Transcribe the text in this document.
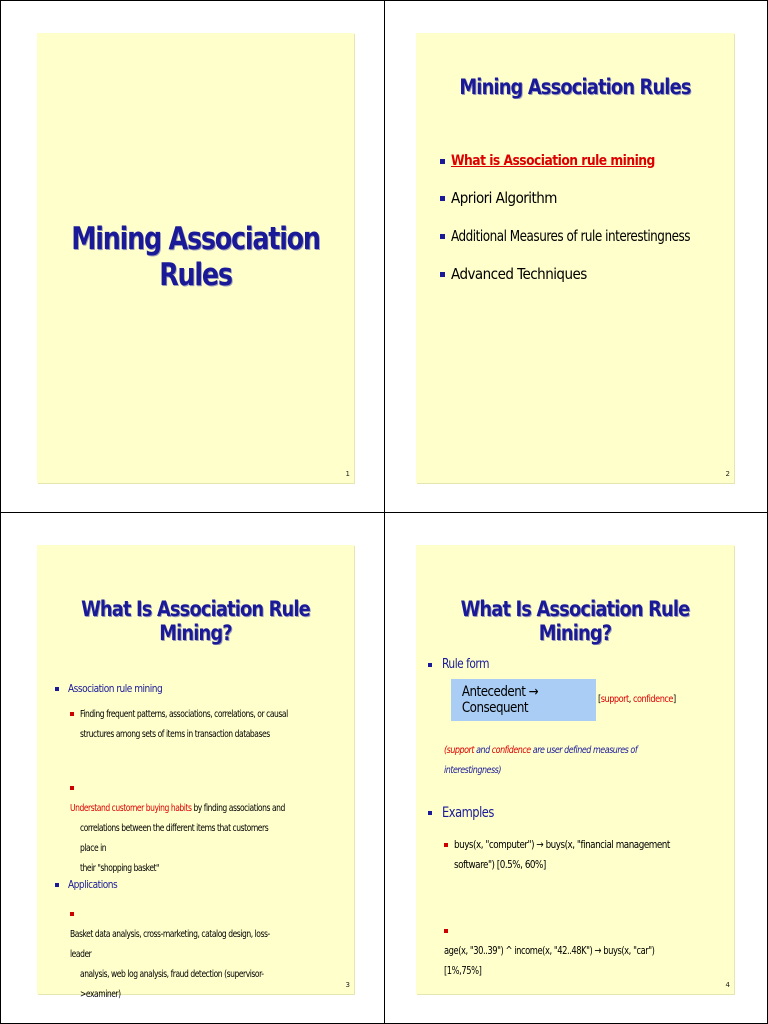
Mining Association Rules
1
Mining Association Rules
What is Association rule mining
Apriori Algorithm
Additional Measures of rule interestingness
Advanced Techniques
2
What Is Association Rule Mining?
Association rule mining
Finding frequent patterns, associations, correlations, or causal
structures among sets of items in transaction databases
Understand customer buying habits by finding associations and
correlations between the different items that customers place in
their "shopping basket"
Applications
Basket data analysis, cross-marketing, catalog design, loss-leader
analysis, web log analysis, fraud detection (supervisor->examiner)
3
What Is Association Rule Mining?
Rule form
Antecedent → Consequent
[support, confidence]
(support and confidence are user defined measures of interestingness)
Examples
buys(x, "computer") → buys(x, "financial management
software") [0.5%, 60%]
age(x, "30..39") ^ income(x, "42..48K") → buys(x, "car") [1%,75%]
4
